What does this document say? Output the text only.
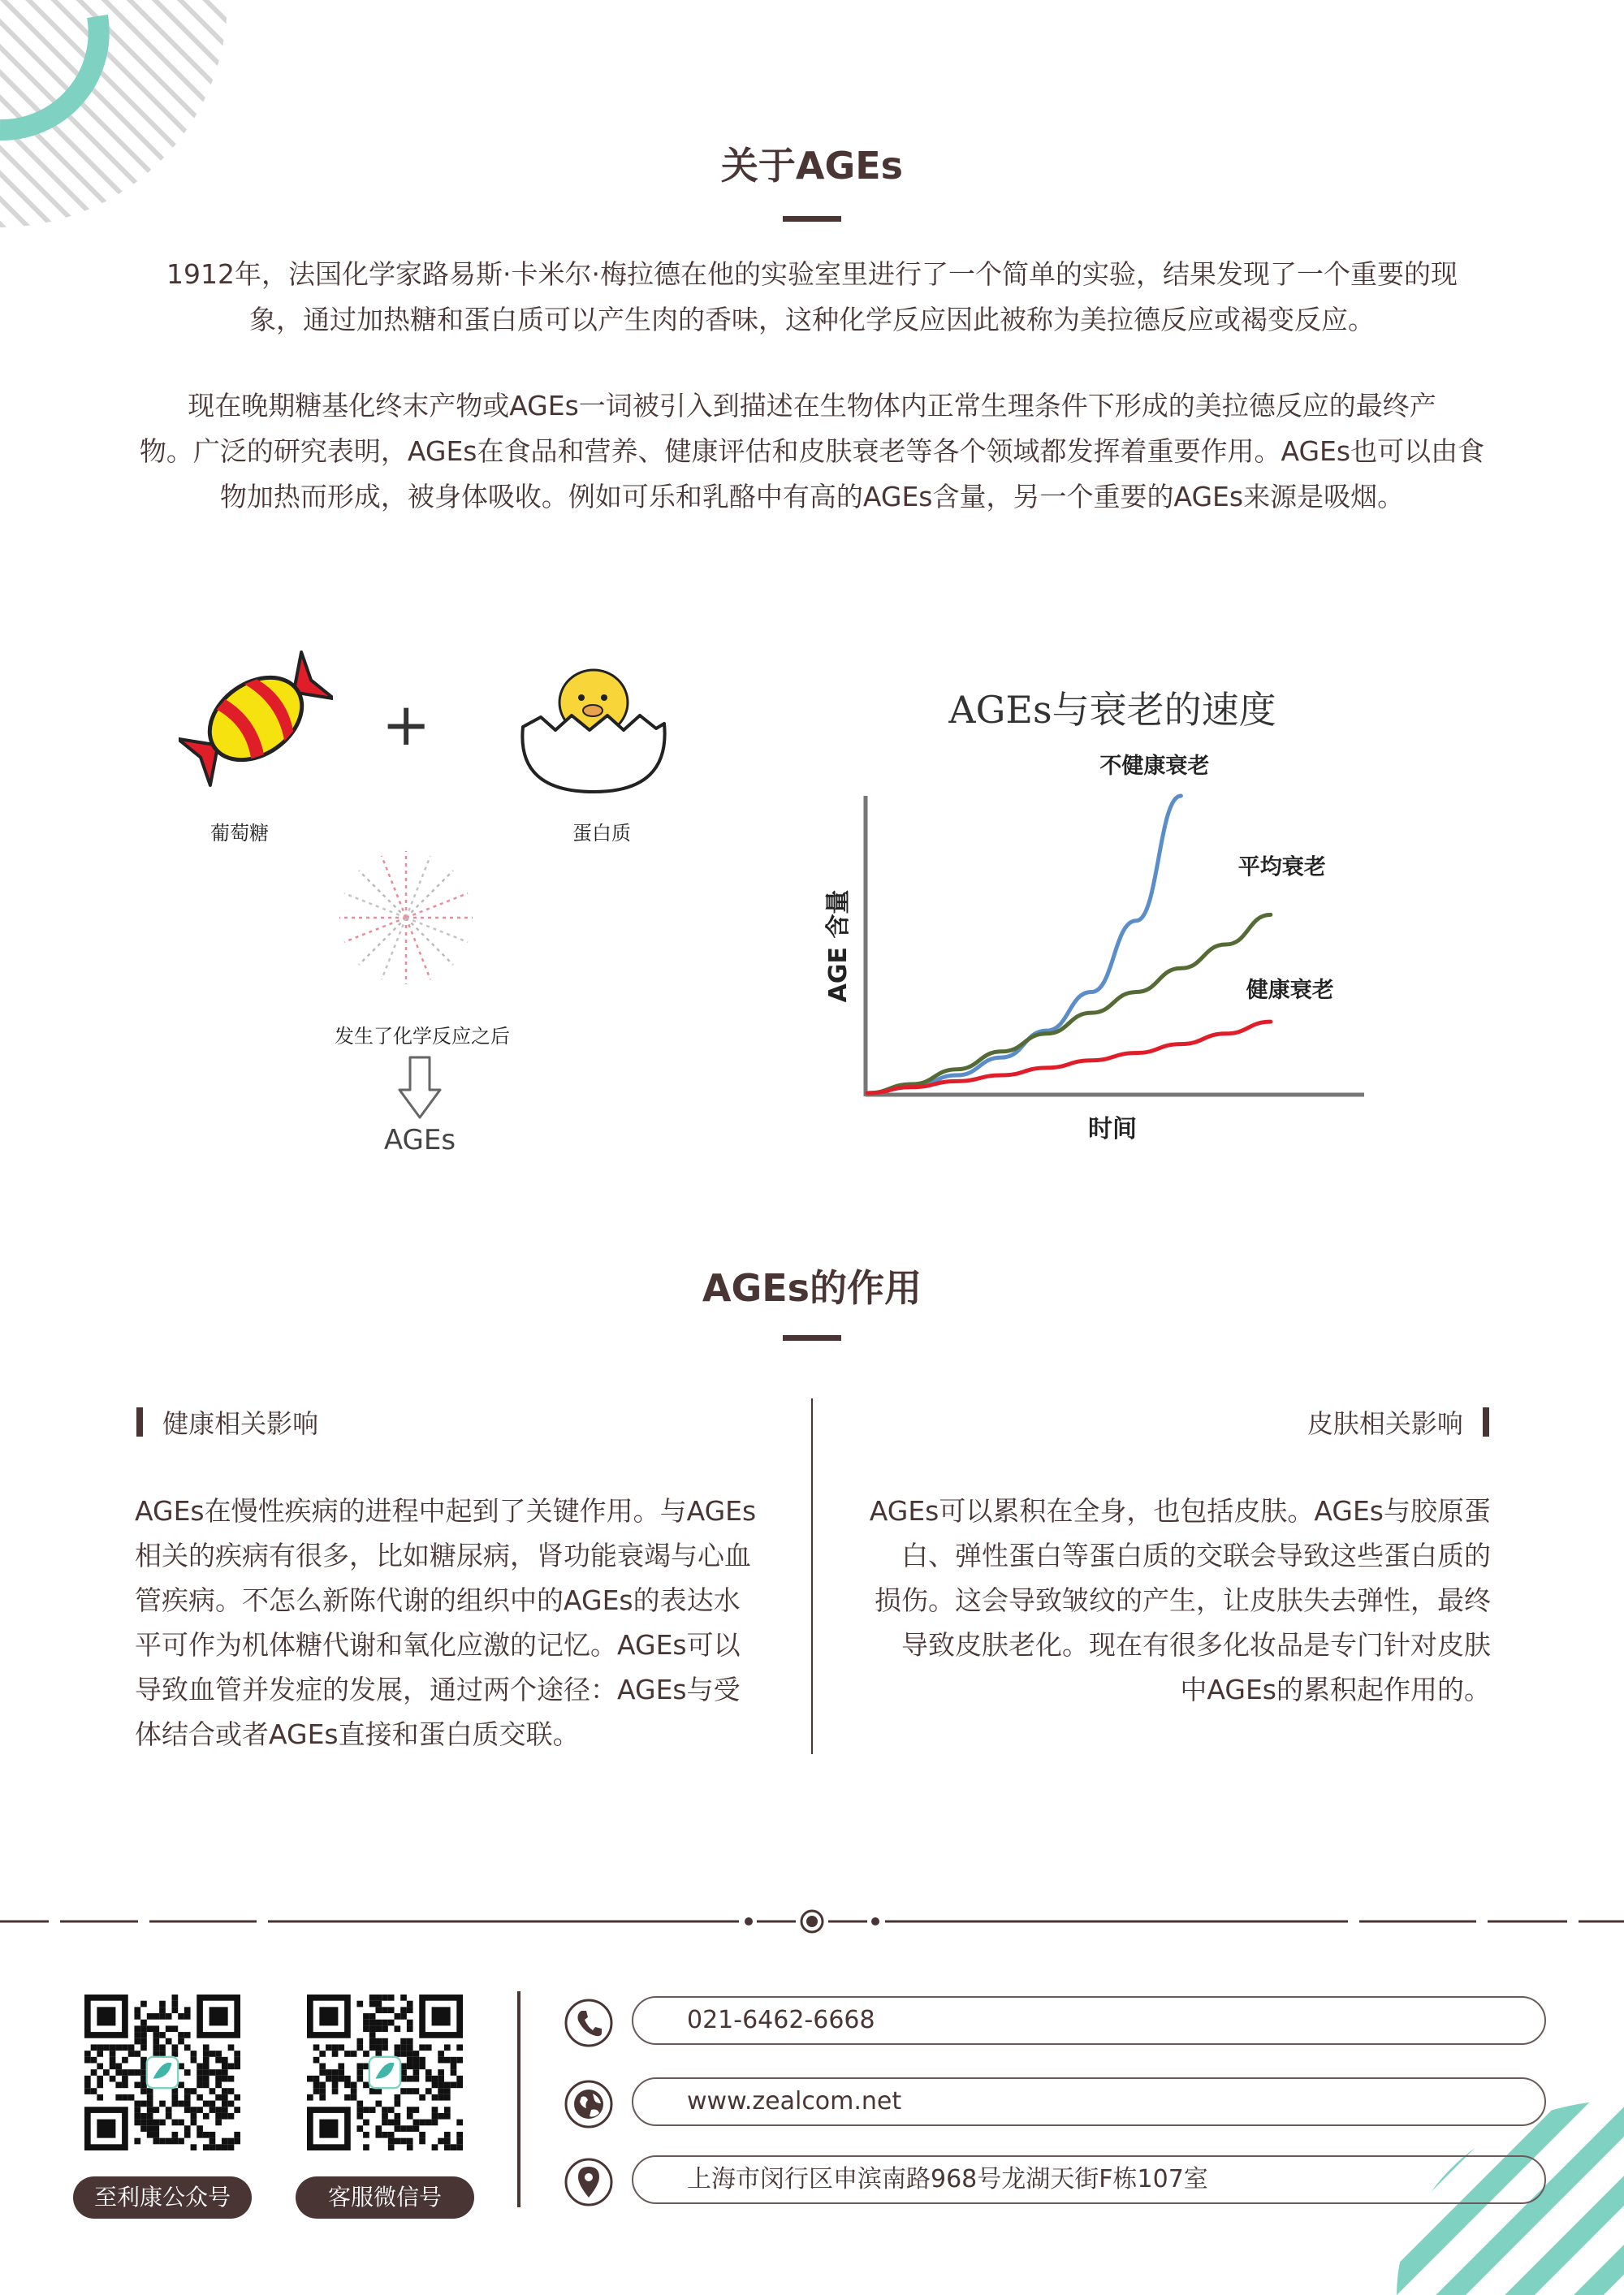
关于AGEs
1912年，法国化学家路易斯·卡米尔·梅拉德在他的实验室里进行了一个简单的实验，结果发现了一个重要的现
象，通过加热糖和蛋白质可以产生肉的香味，这种化学反应因此被称为美拉德反应或褐变反应。
现在晚期糖基化终末产物或AGEs一词被引入到描述在生物体内正常生理条件下形成的美拉德反应的最终产
物。广泛的研究表明，AGEs在食品和营养、健康评估和皮肤衰老等各个领域都发挥着重要作用。AGEs也可以由食
物加热而形成，被身体吸收。例如可乐和乳酪中有高的AGEs含量，另一个重要的AGEs来源是吸烟。
+
葡萄糖	蛋白质
发生了化学反应之后
AGEs
AGEs与衰老的速度
AGE 含量
时间
不健康衰老
平均衰老
健康衰老
AGEs的作用
健康相关影响
AGEs在慢性疾病的进程中起到了关键作用。与AGEs
相关的疾病有很多，比如糖尿病，肾功能衰竭与心血
管疾病。不怎么新陈代谢的组织中的AGEs的表达水
平可作为机体糖代谢和氧化应激的记忆。AGEs可以
导致血管并发症的发展，通过两个途径：AGEs与受
体结合或者AGEs直接和蛋白质交联。
皮肤相关影响
AGEs可以累积在全身，也包括皮肤。AGEs与胶原蛋
白、弹性蛋白等蛋白质的交联会导致这些蛋白质的
损伤。这会导致皱纹的产生，让皮肤失去弹性，最终
导致皮肤老化。现在有很多化妆品是专门针对皮肤
中AGEs的累积起作用的。
至利康公众号	客服微信号
021-6462-6668
www.zealcom.net
上海市闵行区申滨南路968号龙湖天街F栋107室
